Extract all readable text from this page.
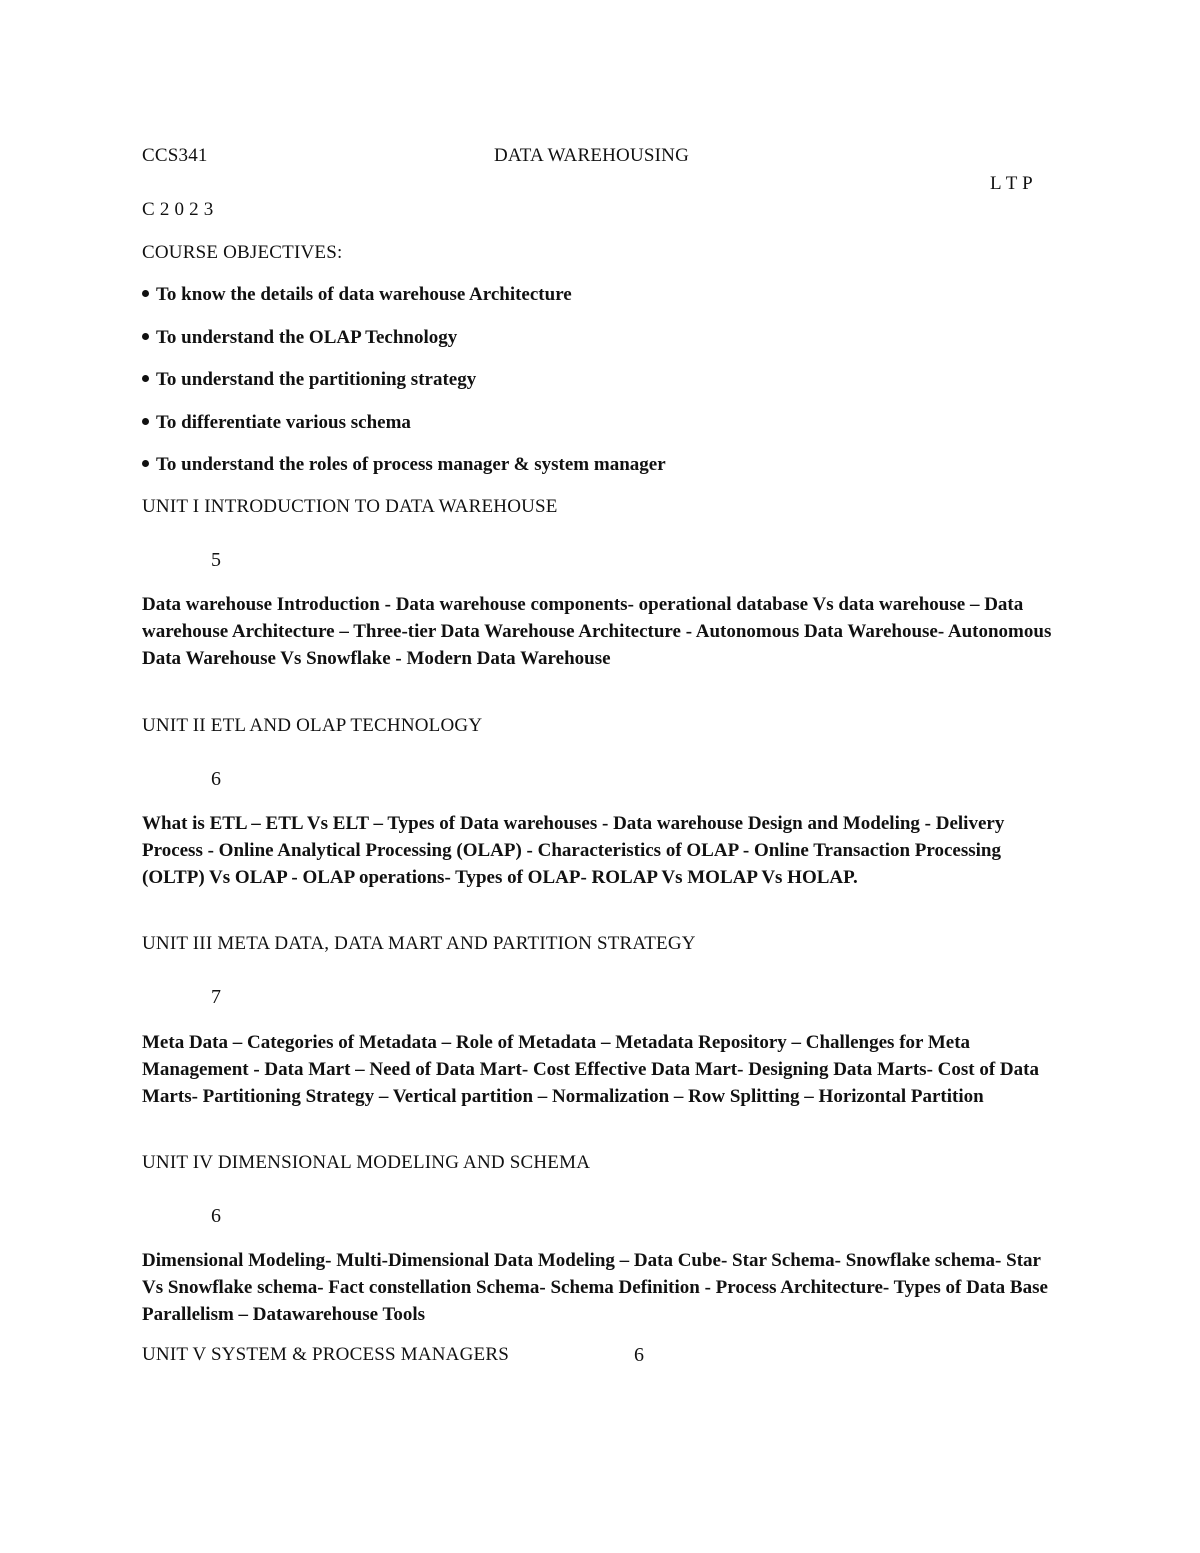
CCS341	DATA WAREHOUSING
L T P
C 2 0 2 3
COURSE OBJECTIVES:
To know the details of data warehouse Architecture
To understand the OLAP Technology
To understand the partitioning strategy
To differentiate various schema
To understand the roles of process manager & system manager
UNIT I INTRODUCTION TO DATA WAREHOUSE
5
Data warehouse Introduction - Data warehouse components- operational database Vs data warehouse – Data warehouse Architecture – Three-tier Data Warehouse Architecture - Autonomous Data Warehouse- Autonomous Data Warehouse Vs Snowflake - Modern Data Warehouse
UNIT II ETL AND OLAP TECHNOLOGY
6
What is ETL – ETL Vs ELT – Types of Data warehouses - Data warehouse Design and Modeling - Delivery Process - Online Analytical Processing (OLAP) - Characteristics of OLAP - Online Transaction Processing (OLTP) Vs OLAP - OLAP operations- Types of OLAP- ROLAP Vs MOLAP Vs HOLAP.
UNIT III META DATA, DATA MART AND PARTITION STRATEGY
7
Meta Data – Categories of Metadata – Role of Metadata – Metadata Repository – Challenges for Meta Management - Data Mart – Need of Data Mart- Cost Effective Data Mart- Designing Data Marts- Cost of Data Marts- Partitioning Strategy – Vertical partition – Normalization – Row Splitting – Horizontal Partition
UNIT IV DIMENSIONAL MODELING AND SCHEMA
6
Dimensional Modeling- Multi-Dimensional Data Modeling – Data Cube- Star Schema- Snowflake schema- Star Vs Snowflake schema- Fact constellation Schema- Schema Definition - Process Architecture- Types of Data Base Parallelism – Datawarehouse Tools
UNIT V SYSTEM & PROCESS MANAGERS	6
